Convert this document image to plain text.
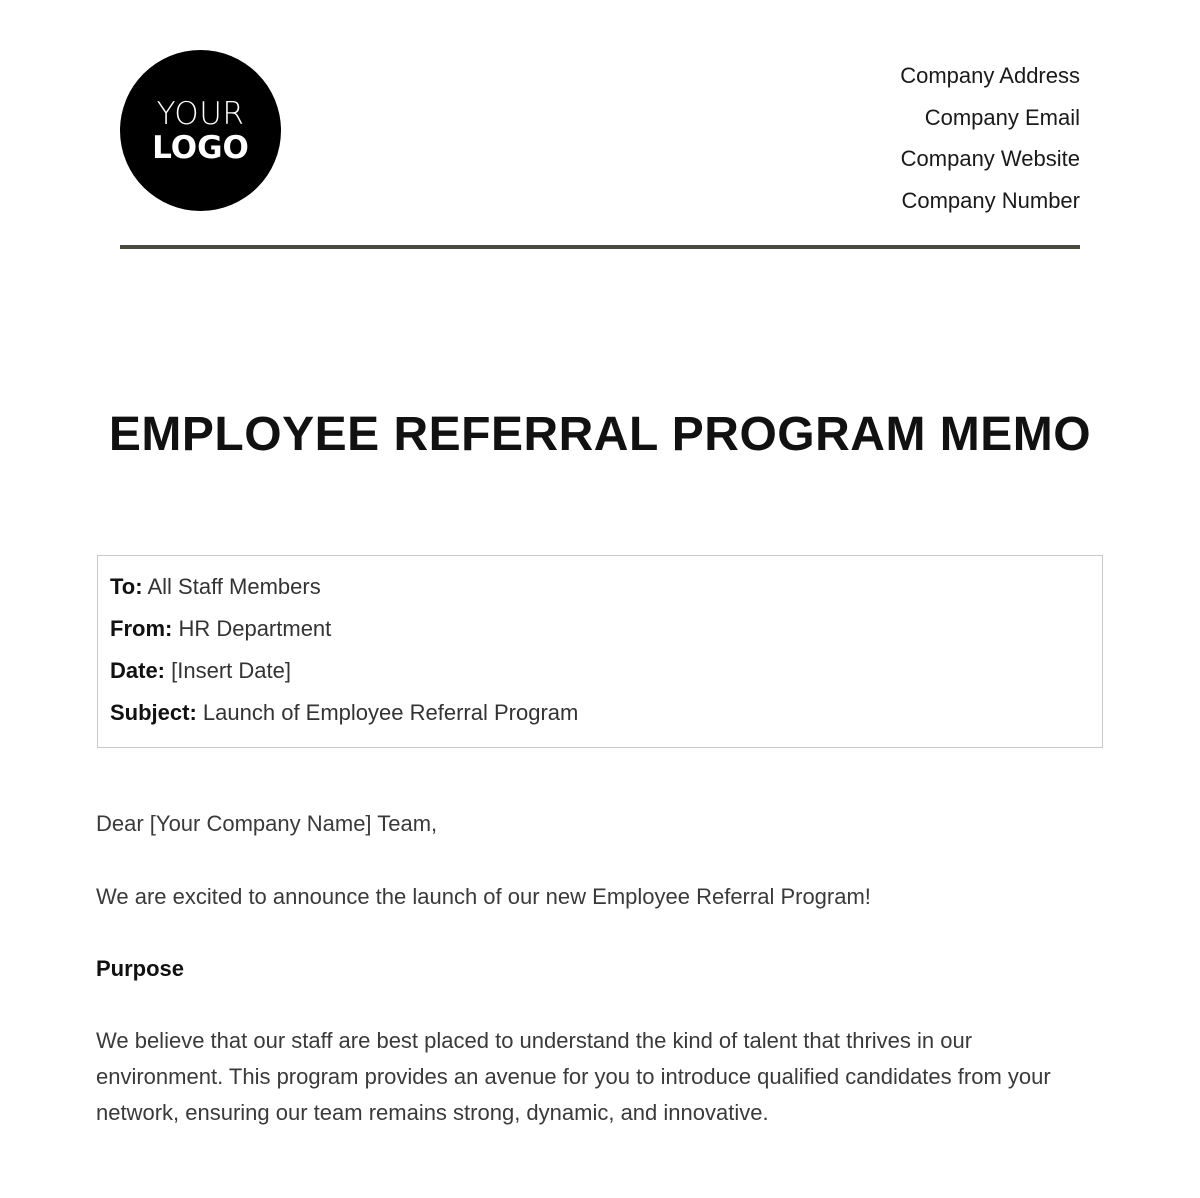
YOUR
LOGO
Company Address
Company Email
Company Website
Company Number
EMPLOYEE REFERRAL PROGRAM MEMO
To: All Staff Members
From: HR Department
Date: [Insert Date]
Subject: Launch of Employee Referral Program

Dear [Your Company Name] Team,

We are excited to announce the launch of our new Employee Referral Program!

Purpose

We believe that our staff are best placed to understand the kind of talent that thrives in our environment. This program provides an avenue for you to introduce qualified candidates from your network, ensuring our team remains strong, dynamic, and innovative.
